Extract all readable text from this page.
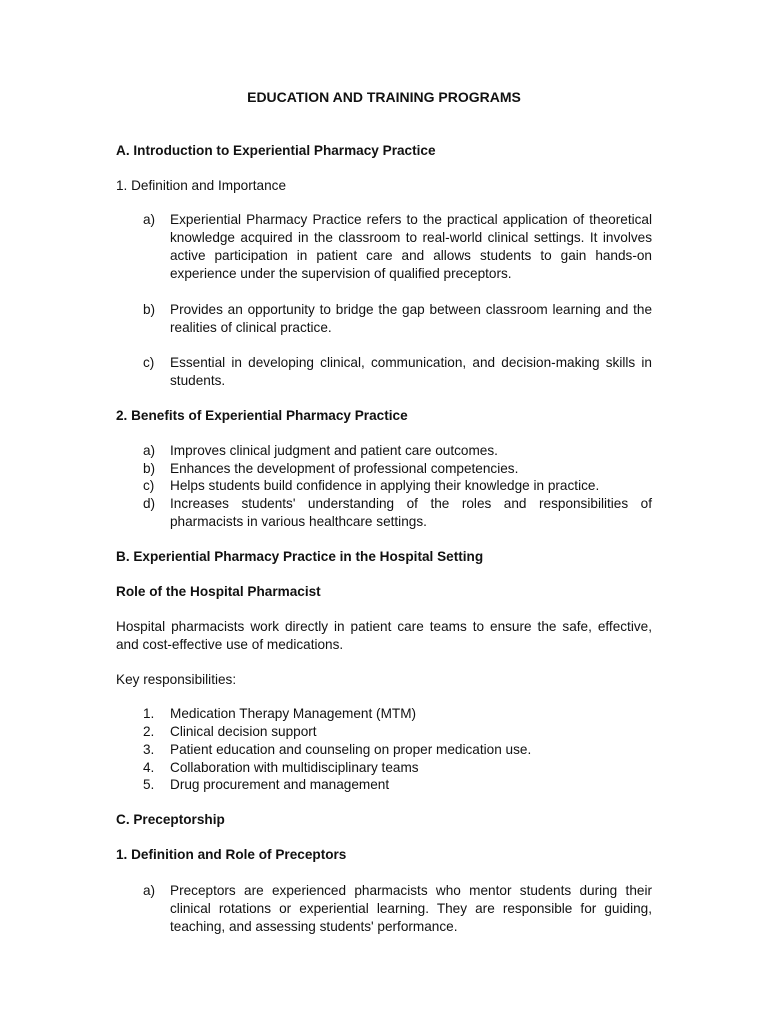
EDUCATION AND TRAINING PROGRAMS
A. Introduction to Experiential Pharmacy Practice
1. Definition and Importance
a)	Experiential Pharmacy Practice refers to the practical application of theoretical knowledge acquired in the classroom to real-world clinical settings. It involves active participation in patient care and allows students to gain hands-on experience under the supervision of qualified preceptors.
b)	Provides an opportunity to bridge the gap between classroom learning and the realities of clinical practice.
c)	Essential in developing clinical, communication, and decision-making skills in students.
2. Benefits of Experiential Pharmacy Practice
a)	Improves clinical judgment and patient care outcomes.
b)	Enhances the development of professional competencies.
c)	Helps students build confidence in applying their knowledge in practice.
d)	Increases students' understanding of the roles and responsibilities of pharmacists in various healthcare settings.
B. Experiential Pharmacy Practice in the Hospital Setting
Role of the Hospital Pharmacist
Hospital pharmacists work directly in patient care teams to ensure the safe, effective, and cost-effective use of medications.
Key responsibilities:
1.	Medication Therapy Management (MTM)
2.	Clinical decision support
3.	Patient education and counseling on proper medication use.
4.	Collaboration with multidisciplinary teams
5.	Drug procurement and management
C. Preceptorship
1. Definition and Role of Preceptors
a)	Preceptors are experienced pharmacists who mentor students during their clinical rotations or experiential learning. They are responsible for guiding, teaching, and assessing students' performance.
